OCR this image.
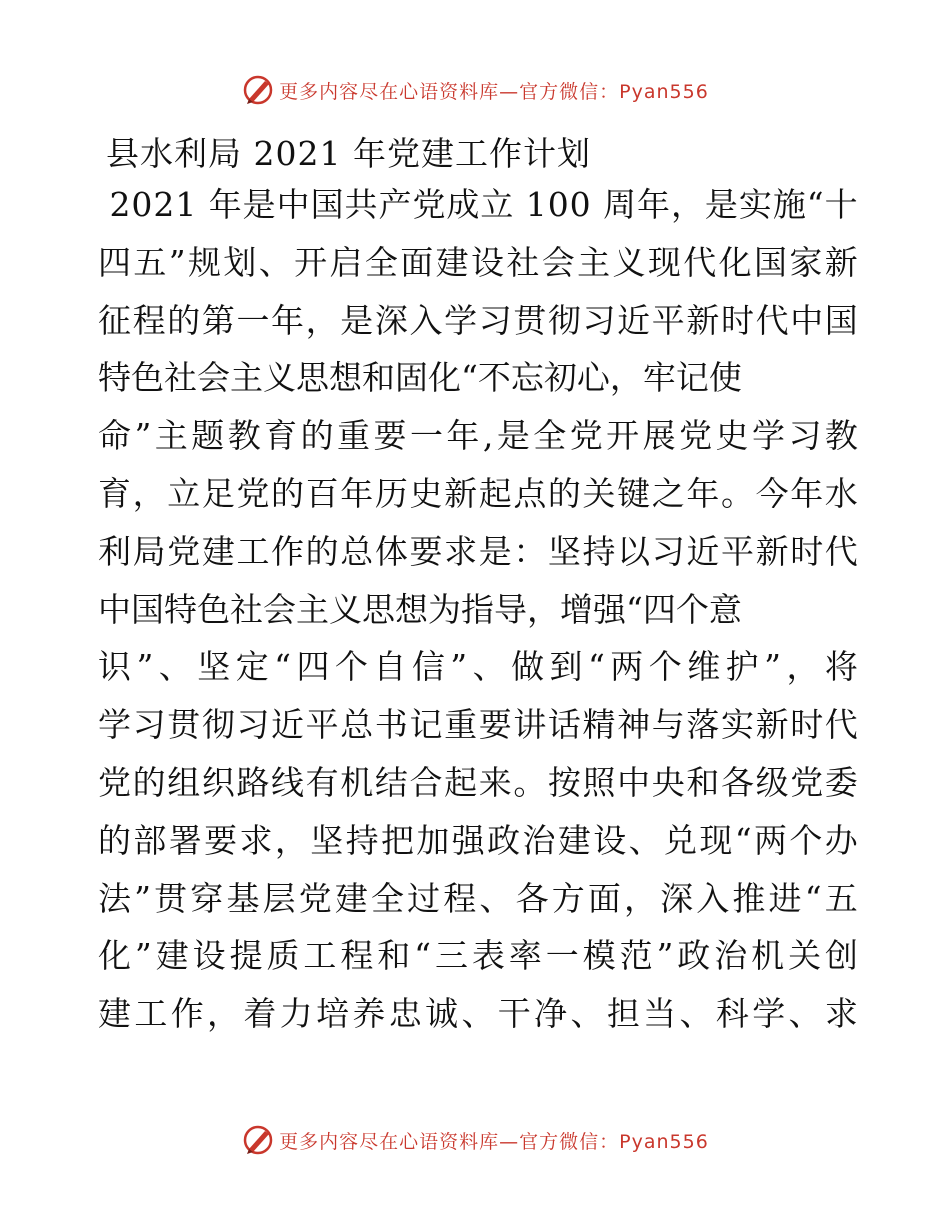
更多内容尽在心语资料库—官方微信：Pyan556
县水利局 2021 年党建工作计划

2 0 2 1
年 是 中 国 共 产 党 成 立
1 0 0
周 年 ， 是 实 施 “ 十
四 五 ” 规 划 、 开 启 全 面 建 设 社 会 主 义 现 代 化 国 家 新
征 程 的 第 一 年 ， 是 深 入 学 习 贯 彻 习 近 平 新 时 代 中 国
特色社会主义思想和固化“不忘初心，牢记使
命 ” 主 题 教 育 的 重 要 一 年 , 是 全 党 开 展 党 史 学 习 教
育 ， 立 足 党 的 百 年 历 史 新 起 点 的 关 键 之 年 。 今 年 水
利 局 党 建 工 作 的 总 体 要 求 是 ： 坚 持 以 习 近 平 新 时 代
中国特色社会主义思想为指导，增强“四个意
识 ” 、 坚 定 “ 四 个 自 信 ” 、 做 到 “ 两 个 维 护 ” ， 将
学 习 贯 彻 习 近 平 总 书 记 重 要 讲 话 精 神 与 落 实 新 时 代
党 的 组 织 路 线 有 机 结 合 起 来 。 按 照 中 央 和 各 级 党 委
的 部 署 要 求 ， 坚 持 把 加 强 政 治 建 设 、 兑 现 “ 两 个 办
法 ” 贯 穿 基 层 党 建 全 过 程 、 各 方 面 ， 深 入 推 进 “ 五
化 ” 建 设 提 质 工 程 和 “ 三 表 率 一 模 范 ” 政 治 机 关 创
建 工 作 ， 着 力 培 养 忠 诚 、 干 净 、 担 当 、 科 学 、 求
更多内容尽在心语资料库—官方微信：Pyan556
